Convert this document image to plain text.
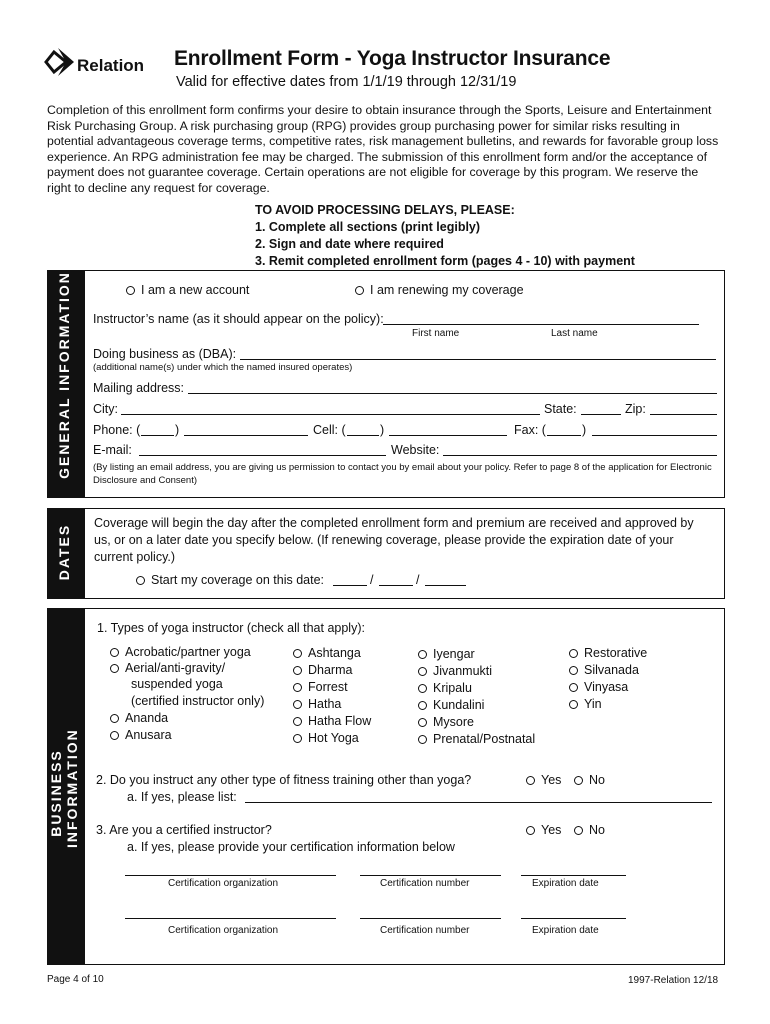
Relation Enrollment Form - Yoga Instructor Insurance
Valid for effective dates from 1/1/19 through 12/31/19
Completion of this enrollment form confirms your desire to obtain insurance through the Sports, Leisure and Entertainment Risk Purchasing Group. A risk purchasing group (RPG) provides group purchasing power for similar risks resulting in potential advantageous coverage terms, competitive rates, risk management bulletins, and rewards for favorable group loss experience. An RPG administration fee may be charged. The submission of this enrollment form and/or the acceptance of payment does not guarantee coverage. Certain operations are not eligible for coverage by this program. We reserve the right to decline any request for coverage.
TO AVOID PROCESSING DELAYS, PLEASE:
1. Complete all sections (print legibly)
2. Sign and date where required
3. Remit completed enrollment form (pages 4 - 10) with payment
GENERAL INFORMATION	I am a new account	I am renewing my coverage
Instructor’s name (as it should appear on the policy):
First name	Last name
Doing business as (DBA):
(additional name(s) under which the named insured operates)
Mailing address:
City:	State:	Zip:
Phone: (	)	Cell: (	)	Fax: (	)
E-mail:	Website:
(By listing an email address, you are giving us permission to contact you by email about your policy. Refer to page 8 of the application for Electronic Disclosure and Consent)
DATES
Coverage will begin the day after the completed enrollment form and premium are received and approved by us, or on a later date you specify below. (If renewing coverage, please provide the expiration date of your current policy.)
Start my coverage on this date:	/	/
BUSINESS INFORMATION
1. Types of yoga instructor (check all that apply):
Acrobatic/partner yoga
Aerial/anti-gravity/
suspended yoga
(certified instructor only)
Ananda
Anusara
Ashtanga
Dharma
Forrest
Hatha
Hatha Flow
Hot Yoga
Iyengar
Jivanmukti
Kripalu
Kundalini
Mysore
Prenatal/Postnatal
Restorative
Silvanada
Vinyasa
Yin
2. Do you instruct any other type of fitness training other than yoga?	Yes	No
a. If yes, please list:
3. Are you a certified instructor?	Yes	No
a. If yes, please provide your certification information below
Certification organization	Certification number	Expiration date
Certification organization	Certification number	Expiration date
Page 4 of 10	1997-Relation 12/18
